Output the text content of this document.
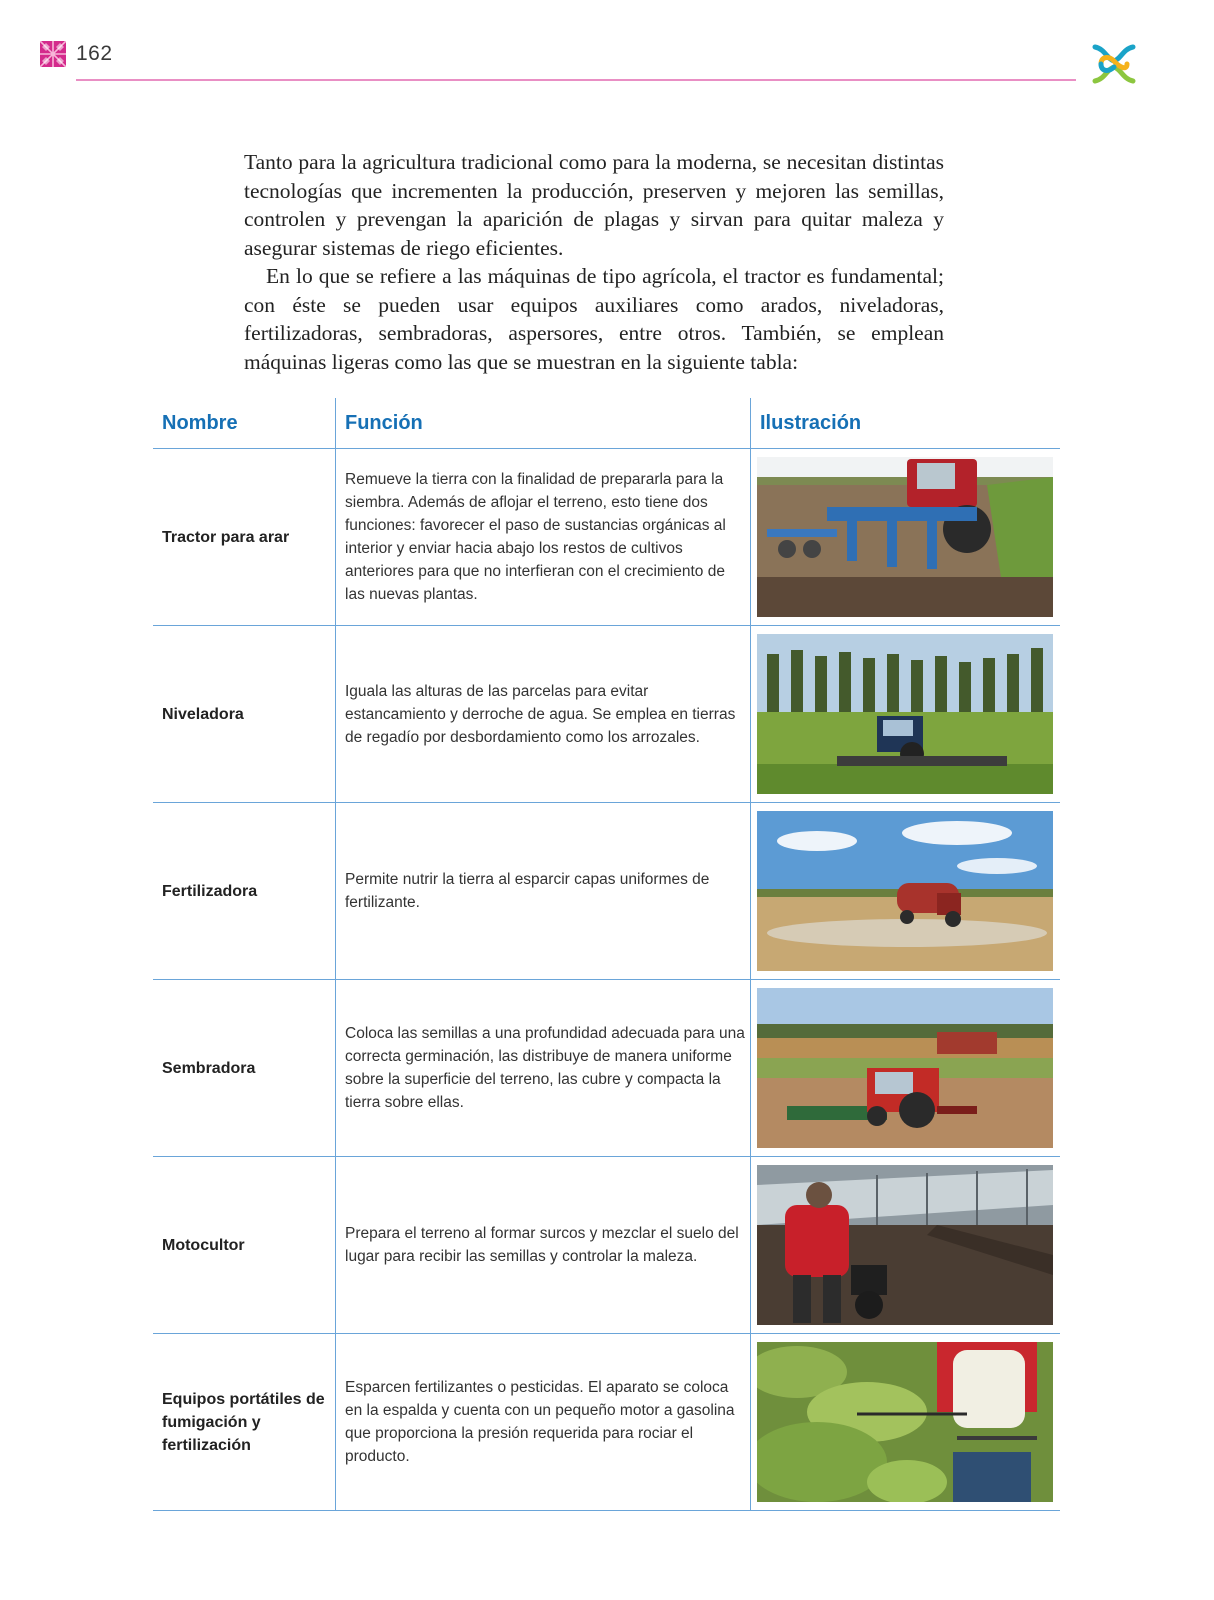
162

Tanto para la agricultura tradicional como para la moderna, se necesitan distintas tecnologías que incrementen la producción, preserven y mejoren las semillas, controlen y prevengan la aparición de plagas y sirvan para quitar maleza y asegurar sistemas de riego eficientes.

En lo que se refiere a las máquinas de tipo agrícola, el tractor es fundamental; con éste se pueden usar equipos auxiliares como arados, niveladoras, fertilizadoras, sembradoras, aspersores, entre otros. También, se emplean máquinas ligeras como las que se muestran en la siguiente tabla:

Nombre	Función	Ilustración

Tractor para arar	Remueve la tierra con la finalidad de prepararla para la siembra. Además de aflojar el terreno, esto tiene dos funciones: favorecer el paso de sustancias orgánicas al interior y enviar hacia abajo los restos de cultivos anteriores para que no interfieran con el crecimiento de las nuevas plantas.

Niveladora	Iguala las alturas de las parcelas para evitar estancamiento y derroche de agua. Se emplea en tierras de regadío por desbordamiento como los arrozales.

Fertilizadora	Permite nutrir la tierra al esparcir capas uniformes de fertilizante.

Sembradora	Coloca las semillas a una profundidad adecuada para una correcta germinación, las distribuye de manera uniforme sobre la superficie del terreno, las cubre y compacta la tierra sobre ellas.

Motocultor	Prepara el terreno al formar surcos y mezclar el suelo del lugar para recibir las semillas y controlar la maleza.

Equipos portátiles de fumigación y fertilización	Esparcen fertilizantes o pesticidas. El aparato se coloca en la espalda y cuenta con un pequeño motor a gasolina que proporciona la presión requerida para rociar el producto.
